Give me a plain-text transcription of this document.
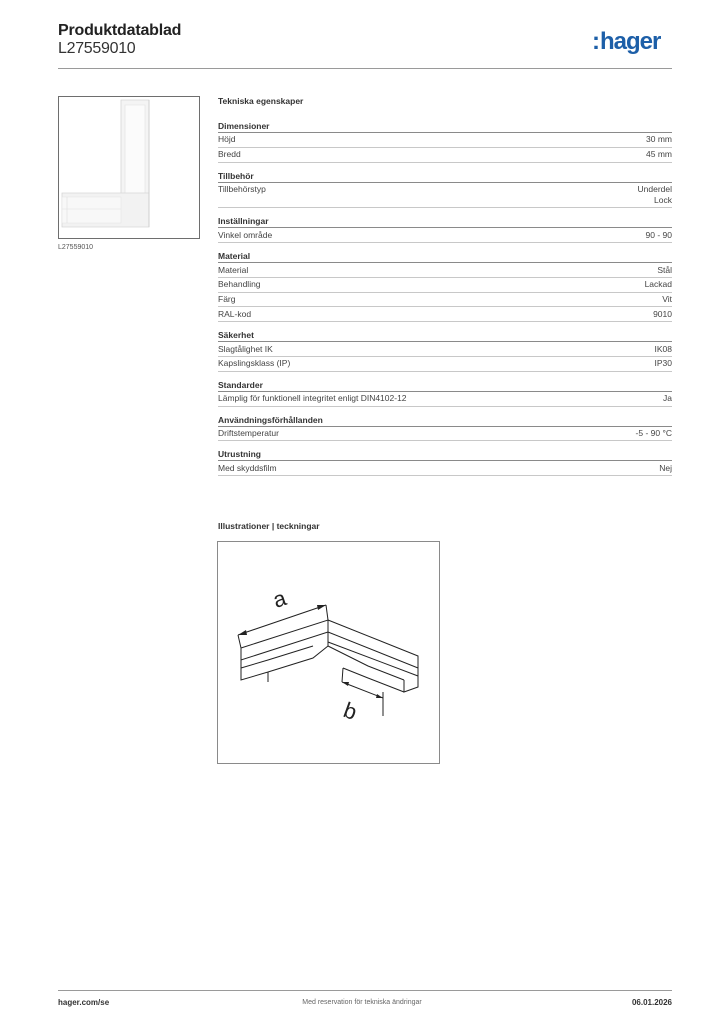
Produktdatablad
L27559010	:hager
L27559010
Tekniska egenskaper
Dimensioner
Höjd	30 mm
Bredd	45 mm
Tillbehör
Tillbehörstyp	Underdel
Lock
Inställningar
Vinkel område	90 - 90
Material
Material	Stål
Behandling	Lackad
Färg	Vit
RAL-kod	9010
Säkerhet
Slagtålighet IK	IK08
Kapslingsklass (IP)	IP30
Standarder
Lämplig för funktionell integritet enligt DIN4102-12	Ja
Användningsförhållanden
Driftstemperatur	-5 - 90 °C
Utrustning
Med skyddsfilm	Nej
Illustrationer | teckningar
a
b
hager.com/se	Med reservation för tekniska ändringar	06.01.2026
